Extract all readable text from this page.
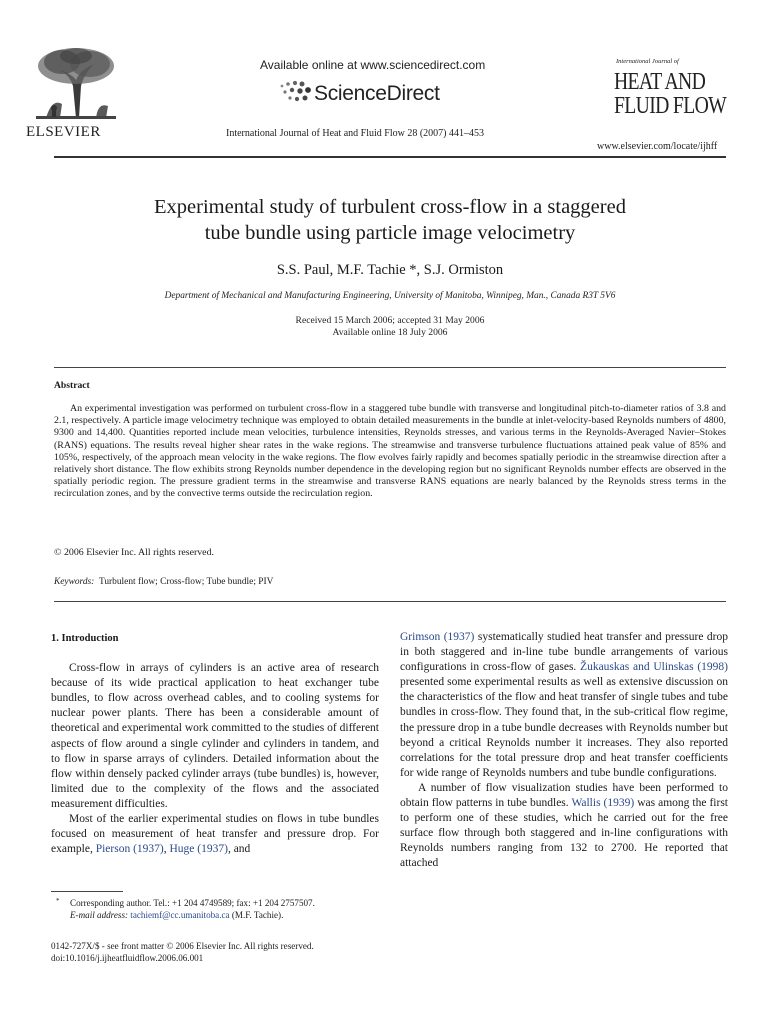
ELSEVIER
Available online at www.sciencedirect.com
ScienceDirect
International Journal of Heat and Fluid Flow 28 (2007) 441–453
International Journal of
HEAT AND
FLUID FLOW
www.elsevier.com/locate/ijhff
Experimental study of turbulent cross-flow in a staggered
tube bundle using particle image velocimetry
S.S. Paul, M.F. Tachie *, S.J. Ormiston
Department of Mechanical and Manufacturing Engineering, University of Manitoba, Winnipeg, Man., Canada R3T 5V6
Received 15 March 2006; accepted 31 May 2006
Available online 18 July 2006
Abstract

An experimental investigation was performed on turbulent cross-flow in a staggered tube bundle with transverse and longitudinal pitch-to-diameter ratios of 3.8 and 2.1, respectively. A particle image velocimetry technique was employed to obtain detailed measurements in the bundle at inlet-velocity-based Reynolds numbers of 4800, 9300 and 14,400. Quantities reported include mean velocities, turbulence intensities, Reynolds stresses, and various terms in the Reynolds-Averaged Navier–Stokes (RANS) equations. The results reveal higher shear rates in the wake regions. The streamwise and transverse turbulence fluctuations attained peak value of 85% and 105%, respectively, of the approach mean velocity in the wake regions. The flow evolves fairly rapidly and becomes spatially periodic in the streamwise direction after a relatively short distance. The flow exhibits strong Reynolds number dependence in the developing region but no significant Reynolds number effects are observed in the spatially periodic region. The pressure gradient terms in the streamwise and transverse RANS equations are nearly balanced by the Reynolds stress terms in the recirculation zones, and by the convective terms outside the recirculation region.

© 2006 Elsevier Inc. All rights reserved.
Keywords: Turbulent flow; Cross-flow; Tube bundle; PIV
1. Introduction

Cross-flow in arrays of cylinders is an active area of research because of its wide practical application to heat exchanger tube bundles, to flow across overhead cables, and to cooling systems for nuclear power plants. There has been a considerable amount of theoretical and experimental work committed to the studies of different aspects of flow around a single cylinder and cylinders in tandem, and to flow in sparse arrays of cylinders. Detailed information about the flow within densely packed cylinder arrays (tube bundles) is, however, limited due to the complexity of the flows and the associated measurement difficulties.

Most of the earlier experimental studies on flows in tube bundles focused on measurement of heat transfer and pressure drop. For example, Pierson (1937), Huge (1937), and

Grimson (1937) systematically studied heat transfer and pressure drop in both staggered and in-line tube bundle arrangements of various configurations in cross-flow of gases. Žukauskas and Ulinskas (1998) presented some experimental results as well as extensive discussion on the characteristics of the flow and heat transfer of single tubes and tube bundles in cross-flow. They found that, in the sub-critical flow regime, the pressure drop in a tube bundle decreases with Reynolds number but beyond a critical Reynolds number it increases. They also reported correlations for the total pressure drop and heat transfer coefficients for wide range of Reynolds numbers and tube bundle configurations.

A number of flow visualization studies have been performed to obtain flow patterns in tube bundles. Wallis (1939) was among the first to perform one of these studies, which he carried out for the free surface flow through both staggered and in-line configurations with Reynolds numbers ranging from 132 to 2700. He reported that attached

*	Corresponding author. Tel.: +1 204 4749589; fax: +1 204 2757507.
E-mail address: tachiemf@cc.umanitoba.ca (M.F. Tachie).
0142-727X/$ - see front matter © 2006 Elsevier Inc. All rights reserved.
doi:10.1016/j.ijheatfluidflow.2006.06.001
